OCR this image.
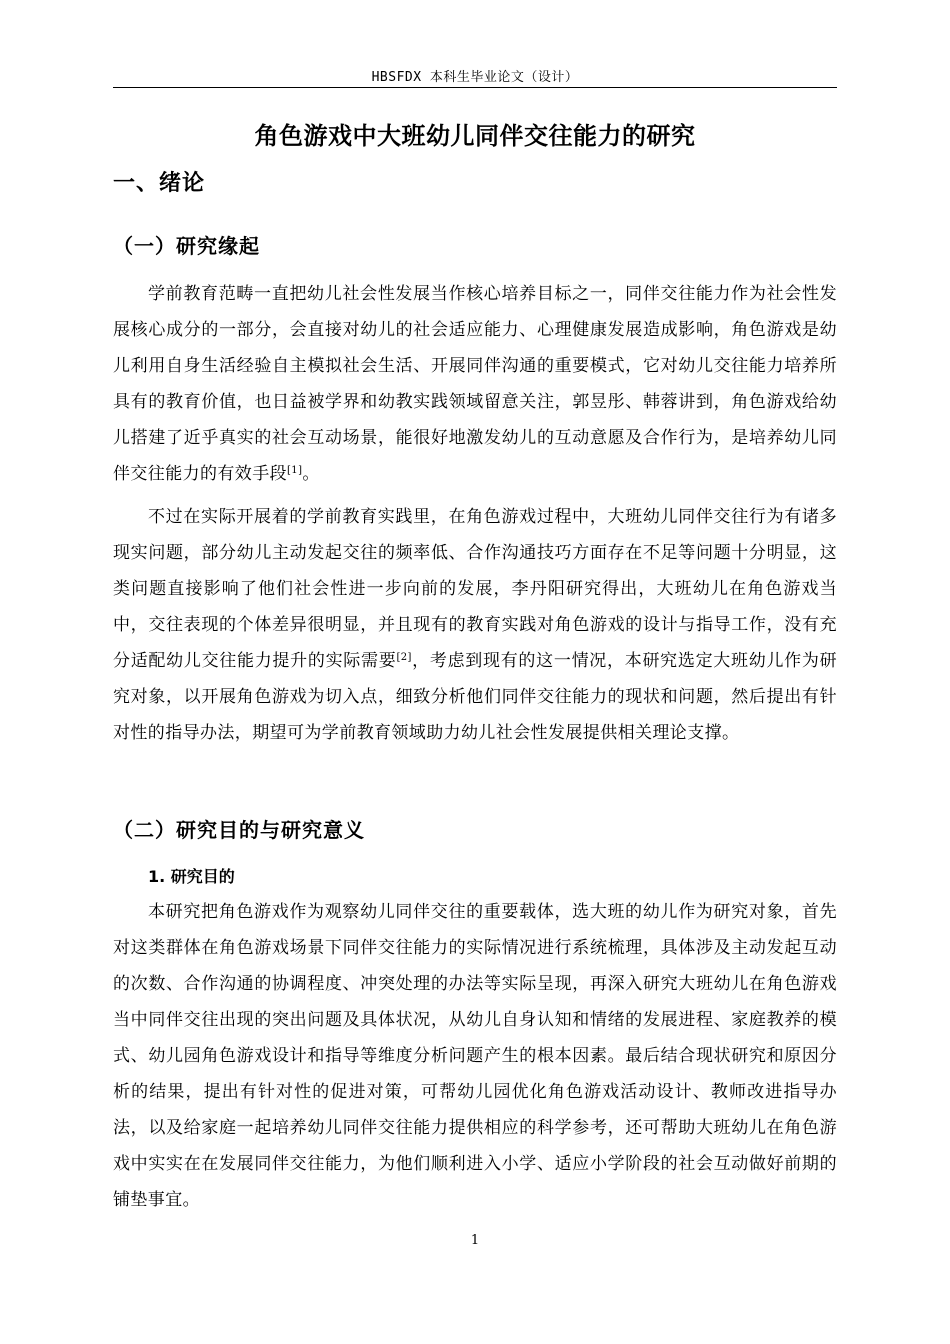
HBSFDX 本科生毕业论文（设计）
角色游戏中大班幼儿同伴交往能力的研究
一、绪论
（一）研究缘起

学前教育范畴一直把幼儿社会性发展当作核心培养目标之一，同伴交往能力作为社会性发展核心成分的一部分，会直接对幼儿的社会适应能力、心理健康发展造成影响，角色游戏是幼儿利用自身生活经验自主模拟社会生活、开展同伴沟通的重要模式，它对幼儿交往能力培养所具有的教育价值，也日益被学界和幼教实践领域留意关注，郭昱彤、韩蓉讲到，角色游戏给幼儿搭建了近乎真实的社会互动场景，能很好地激发幼儿的互动意愿及合作行为，是培养幼儿同伴交往能力的有效手段[1]。

不过在实际开展着的学前教育实践里，在角色游戏过程中，大班幼儿同伴交往行为有诸多现实问题，部分幼儿主动发起交往的频率低、合作沟通技巧方面存在不足等问题十分明显，这类问题直接影响了他们社会性进一步向前的发展，李丹阳研究得出，大班幼儿在角色游戏当中，交往表现的个体差异很明显，并且现有的教育实践对角色游戏的设计与指导工作，没有充分适配幼儿交往能力提升的实际需要[2]，考虑到现有的这一情况，本研究选定大班幼儿作为研究对象，以开展角色游戏为切入点，细致分析他们同伴交往能力的现状和问题，然后提出有针对性的指导办法，期望可为学前教育领域助力幼儿社会性发展提供相关理论支撑。

（二）研究目的与研究意义
1. 研究目的

本研究把角色游戏作为观察幼儿同伴交往的重要载体，选大班的幼儿作为研究对象，首先对这类群体在角色游戏场景下同伴交往能力的实际情况进行系统梳理，具体涉及主动发起互动的次数、合作沟通的协调程度、冲突处理的办法等实际呈现，再深入研究大班幼儿在角色游戏当中同伴交往出现的突出问题及具体状况，从幼儿自身认知和情绪的发展进程、家庭教养的模式、幼儿园角色游戏设计和指导等维度分析问题产生的根本因素。最后结合现状研究和原因分析的结果，提出有针对性的促进对策，可帮幼儿园优化角色游戏活动设计、教师改进指导办法，以及给家庭一起培养幼儿同伴交往能力提供相应的科学参考，还可帮助大班幼儿在角色游戏中实实在在发展同伴交往能力，为他们顺利进入小学、适应小学阶段的社会互动做好前期的铺垫事宜。

1
